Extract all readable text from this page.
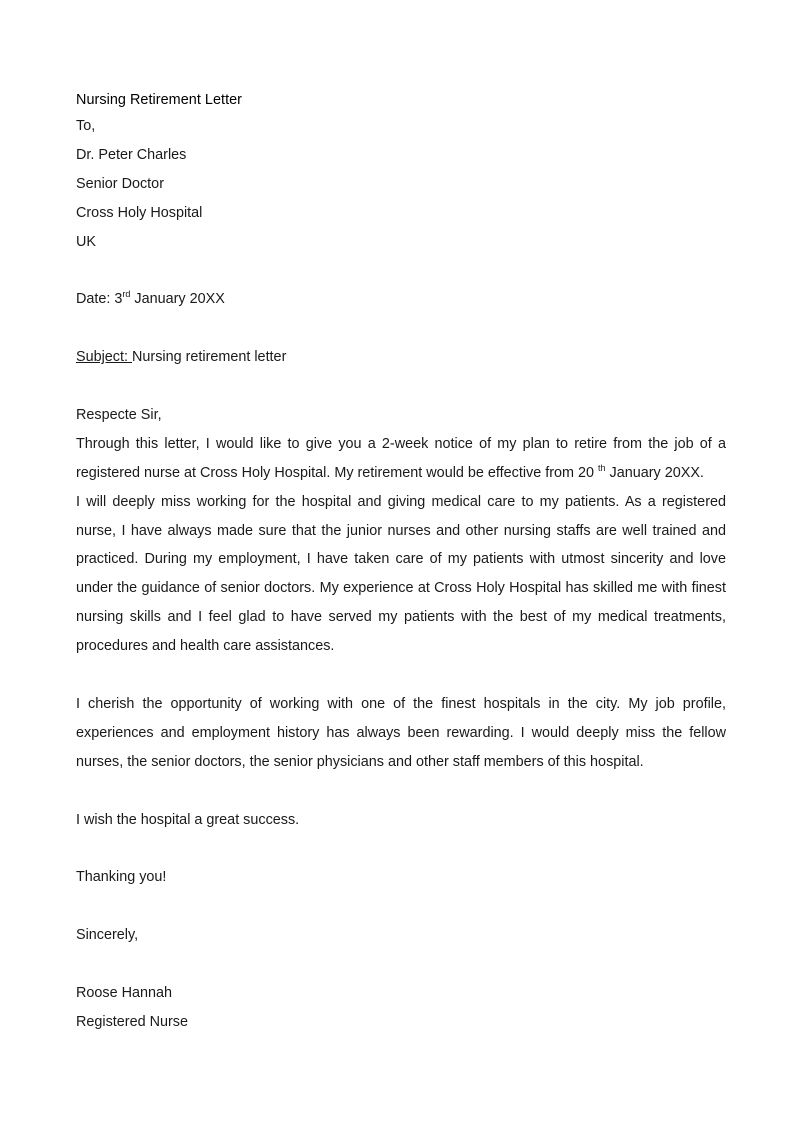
Nursing Retirement Letter
To,
Dr. Peter Charles
Senior Doctor
Cross Holy Hospital
UK
Date: 3rd January 20XX
Subject: Nursing retirement letter
Respecte Sir,
Through this letter, I would like to give you a 2-week notice of my plan to retire from the job of a registered nurse at Cross Holy Hospital. My retirement would be effective from 20 $^{th}$ January 20XX.
I will deeply miss working for the hospital and giving medical care to my patients. As a registered nurse, I have always made sure that the junior nurses and other nursing staffs are well trained and practiced. During my employment, I have taken care of my patients with utmost sincerity and love under the guidance of senior doctors. My experience at Cross Holy Hospital has skilled me with finest nursing skills and I feel glad to have served my patients with the best of my medical treatments, procedures and health care assistances.
I cherish the opportunity of working with one of the finest hospitals in the city. My job profile, experiences and employment history has always been rewarding. I would deeply miss the fellow nurses, the senior doctors, the senior physicians and other staff members of this hospital.
I wish the hospital a great success.
Thanking you!
Sincerely,
Roose Hannah
Registered Nurse
